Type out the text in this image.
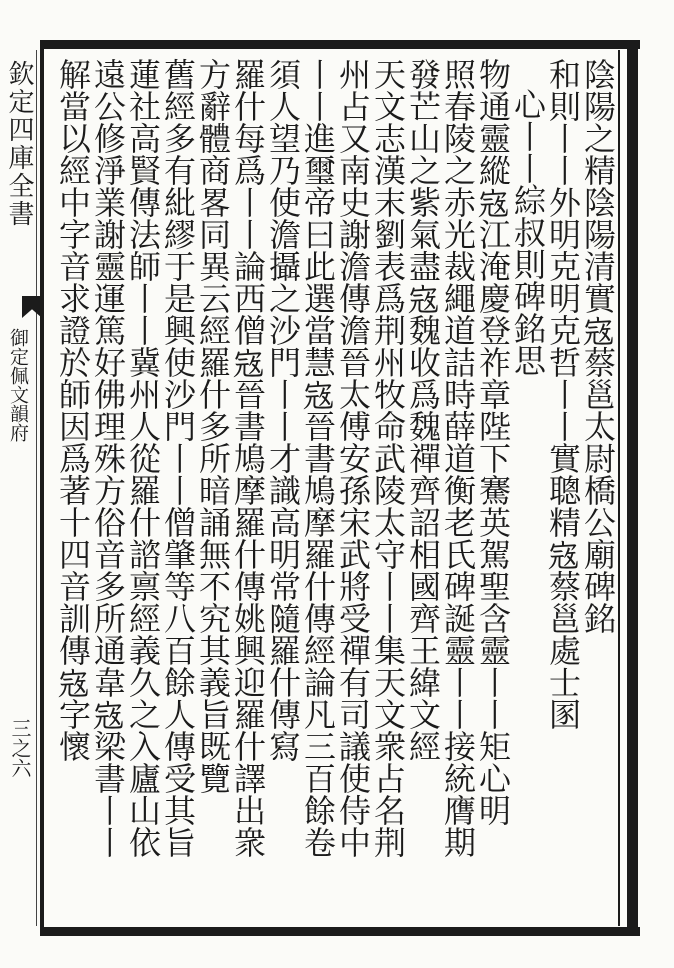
欽定四庫全書
御定佩文韻府
三之六
陰陽之精陰陽清實𡨥蔡邕太尉橋公廟碑銘
和則丨丨外明克明克哲丨丨實聰精𡨥蔡邕處士圂
心丨丨綜叔則碑銘思
物通靈縱𡨥江淹慶登祚章陛下騫英駕聖含靈丨丨矩心明
照春陵之赤光裁繩道詰時薛道衡老氏碑誕靈丨丨接統膺期
發芒山之紫氣盡𡨥魏收爲魏禪齊詔相國齊王緯文經
天文志漢末劉表爲荆州牧命武陵太守丨丨集天文衆占名荆
州占又南史謝澹傳澹晉太傅安孫宋武將受禪有司議使侍中
丨丨進璽帝曰此選當慧𡨥晉書鳩摩羅什傳經論凡三百餘卷
須人望乃使澹攝之沙門丨丨才識高明常隨羅什傳寫
羅什每爲丨丨論西僧𡨥晉書鳩摩羅什傳姚興迎羅什譯出衆
方辭體商畧同異云經羅什多所暗誦無不究其義旨既覽
舊經多有紕繆于是興使沙門丨丨僧肇等八百餘人傳受其旨
蓮社高賢傳法師丨丨冀州人從羅什諮禀經義久之入廬山依
遠公修淨業謝靈運篤好佛理殊方俗音多所通韋𡨥梁書丨丨
解當以經中字音求證於師因爲著十四音訓傳𡨥字懷
